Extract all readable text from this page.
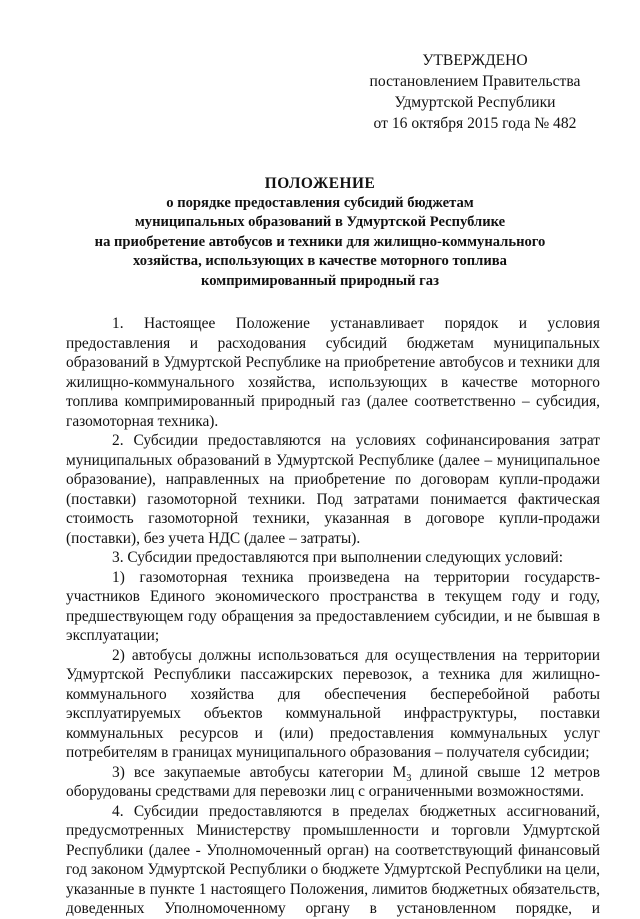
УТВЕРЖДЕНО
постановлением Правительства
Удмуртской Республики
от 16 октября 2015 года № 482
ПОЛОЖЕНИЕ
о порядке предоставления субсидий бюджетам
муниципальных образований в Удмуртской Республике
на приобретение автобусов и техники для жилищно-коммунального
хозяйства, использующих в качестве моторного топлива
компримированный природный газ

1. Настоящее Положение устанавливает порядок и условия предоставления и расходования субсидий бюджетам муниципальных образований в Удмуртской Республике на приобретение автобусов и техники для жилищно-коммунального хозяйства, использующих в качестве моторного топлива компримированный природный газ (далее соответственно – субсидия, газомоторная техника).

2. Субсидии предоставляются на условиях софинансирования затрат муниципальных образований в Удмуртской Республике (далее – муниципальное образование), направленных на приобретение по договорам купли-продажи (поставки) газомоторной техники. Под затратами понимается фактическая стоимость газомоторной техники, указанная в договоре купли-продажи (поставки), без учета НДС (далее – затраты).

3. Субсидии предоставляются при выполнении следующих условий:

1) газомоторная техника произведена на территории государств-участников Единого экономического пространства в текущем году и году, предшествующем году обращения за предоставлением субсидии, и не бывшая в эксплуатации;

2) автобусы должны использоваться для осуществления на территории Удмуртской Республики пассажирских перевозок, а техника для жилищно-коммунального хозяйства для обеспечения бесперебойной работы эксплуатируемых объектов коммунальной инфраструктуры, поставки коммунальных ресурсов и (или) предоставления коммунальных услуг потребителям в границах муниципального образования – получателя субсидии;

3) все закупаемые автобусы категории $М_3$ длиной свыше 12 метров оборудованы средствами для перевозки лиц с ограниченными возможностями.

4. Субсидии предоставляются в пределах бюджетных ассигнований, предусмотренных Министерству промышленности и торговли Удмуртской Республики (далее - Уполномоченный орган) на соответствующий финансовый год законом Удмуртской Республики о бюджете Удмуртской Республики на цели, указанные в пункте 1 настоящего Положения, лимитов бюджетных обязательств, доведенных Уполномоченному органу в установленном порядке, и
